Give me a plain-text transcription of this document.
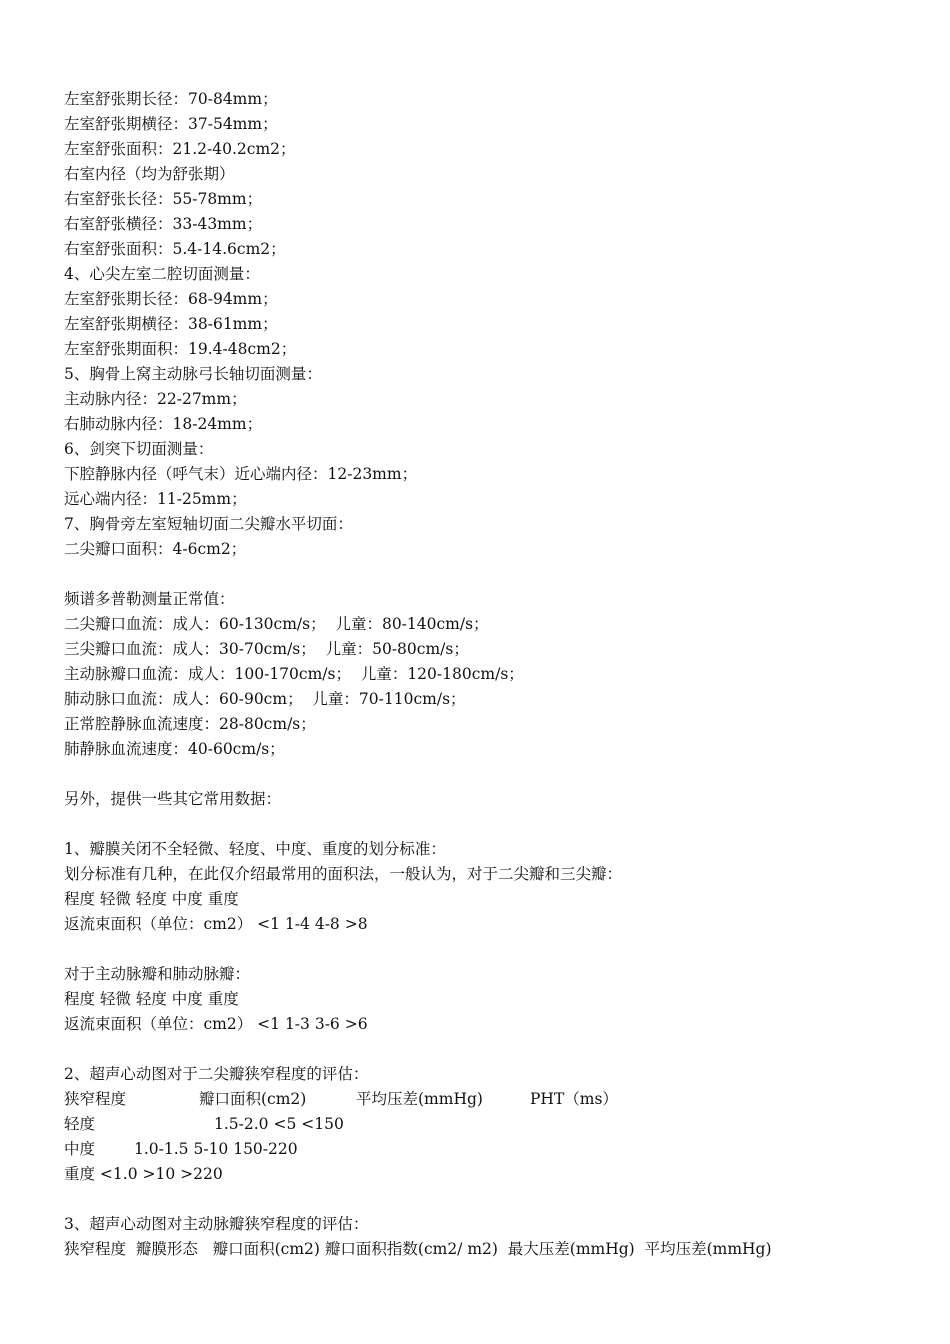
左室舒张期长径：70-84mm；
左室舒张期横径：37-54mm；
左室舒张面积：21.2-40.2cm2；
右室内径（均为舒张期）
右室舒张长径：55-78mm；
右室舒张横径：33-43mm；
右室舒张面积：5.4-14.6cm2；
4、心尖左室二腔切面测量：
左室舒张期长径：68-94mm；
左室舒张期横径：38-61mm；
左室舒张期面积：19.4-48cm2；
5、胸骨上窝主动脉弓长轴切面测量：
主动脉内径：22-27mm；
右肺动脉内径：18-24mm；
6、剑突下切面测量：
下腔静脉内径（呼气末）近心端内径：12-23mm；
远心端内径：11-25mm；
7、胸骨旁左室短轴切面二尖瓣水平切面：
二尖瓣口面积：4-6cm2；
频谱多普勒测量正常值：
二尖瓣口血流：成人：60-130cm/s；  儿童：80-140cm/s；
三尖瓣口血流：成人：30-70cm/s；  儿童：50-80cm/s；
主动脉瓣口血流：成人：100-170cm/s；  儿童：120-180cm/s；
肺动脉口血流：成人：60-90cm；  儿童：70-110cm/s；
正常腔静脉血流速度：28-80cm/s；
肺静脉血流速度：40-60cm/s；
另外，提供一些其它常用数据：
1、瓣膜关闭不全轻微、轻度、中度、重度的划分标准：
划分标准有几种，在此仅介绍最常用的面积法，一般认为，对于二尖瓣和三尖瓣：
程度 轻微 轻度 中度 重度
返流束面积（单位：cm2） <1 1-4 4-8 >8
对于主动脉瓣和肺动脉瓣：
程度 轻微 轻度 中度 重度
返流束面积（单位：cm2） <1 1-3 3-6 >6
2、超声心动图对于二尖瓣狭窄程度的评估：
狭窄程度	瓣口面积(cm2)	平均压差(mmHg)	PHT（ms）
轻度	1.5-2.0 <5 <150
中度	1.0-1.5 5-10 150-220
重度 <1.0 >10 >220
3、超声心动图对主动脉瓣狭窄程度的评估：
狭窄程度  瓣膜形态   瓣口面积(cm2) 瓣口面积指数(cm2/ m2)  最大压差(mmHg)  平均压差(mmHg)
